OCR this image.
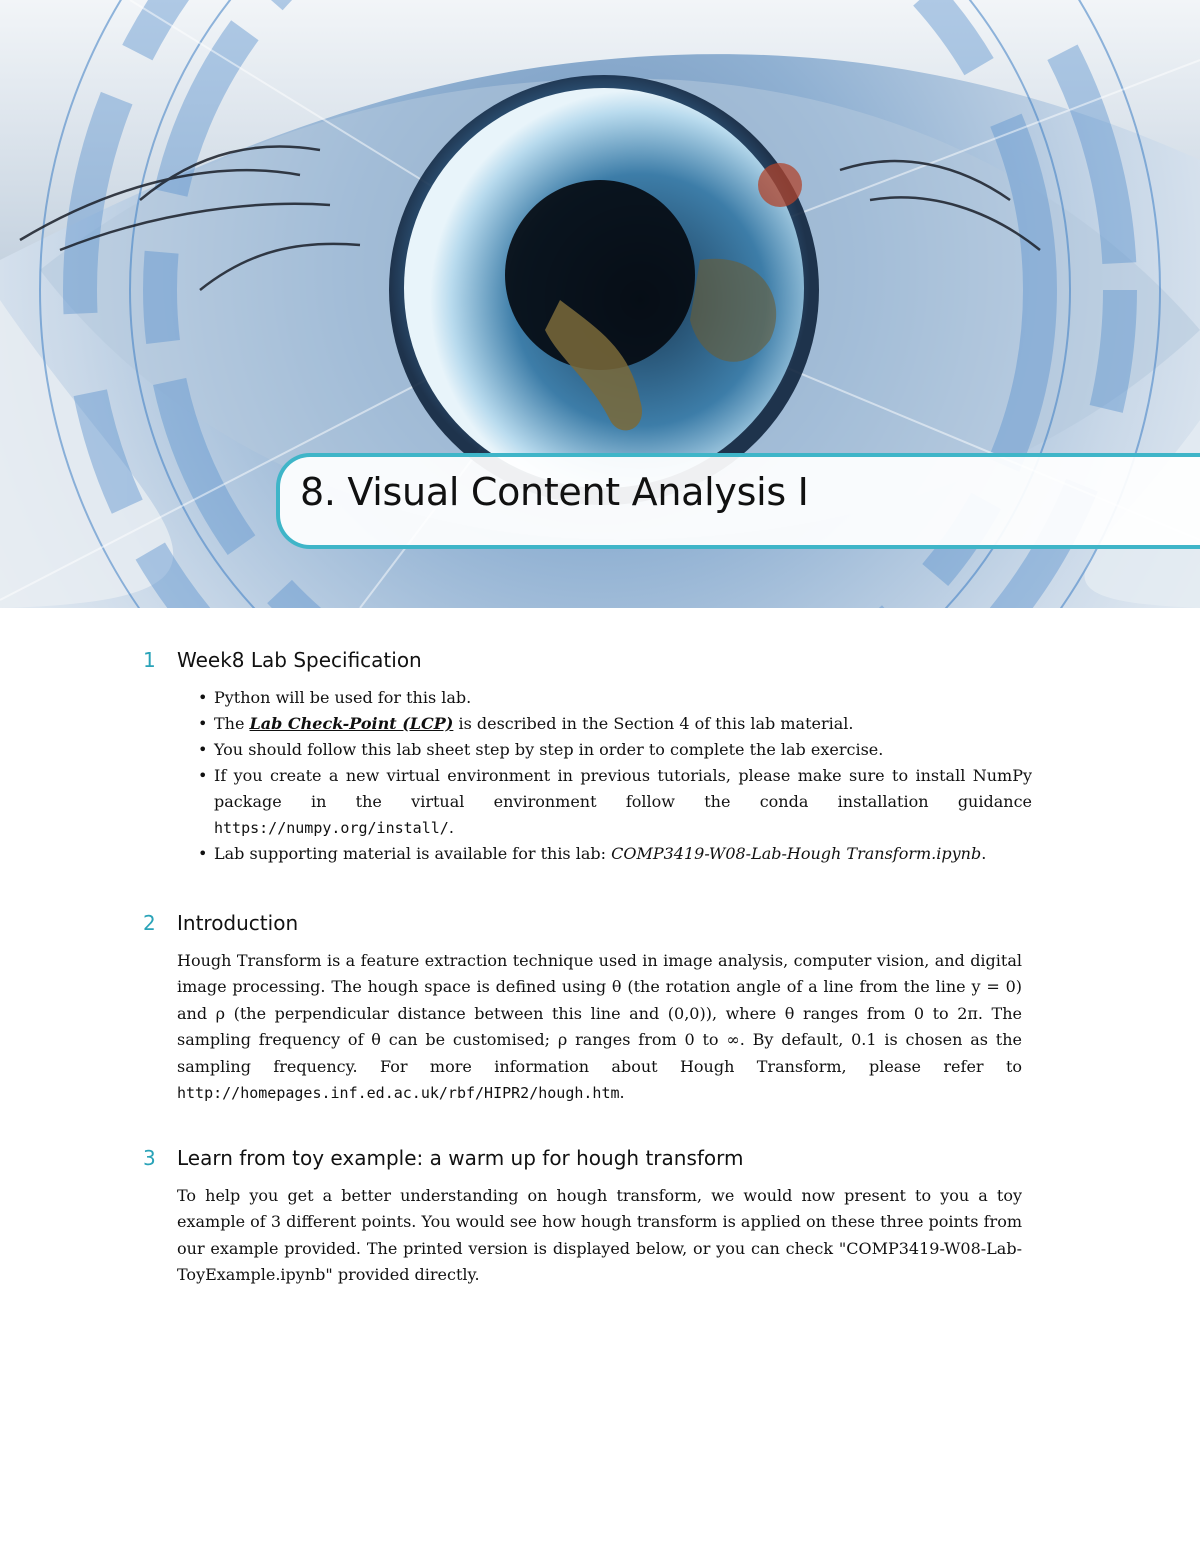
8. Visual Content Analysis I
1 Week8 Lab Specification
• Python will be used for this lab.
• The Lab Check-Point (LCP) is described in the Section 4 of this lab material.
• You should follow this lab sheet step by step in order to complete the lab exercise.
• If you create a new virtual environment in previous tutorials, please make sure to install NumPy package in the virtual environment follow the conda installation guidance https://numpy.org/install/.
• Lab supporting material is available for this lab: COMP3419-W08-Lab-Hough Transform.ipynb.
2 Introduction

Hough Transform is a feature extraction technique used in image analysis, computer vision, and digital image processing. The hough space is defined using θ (the rotation angle of a line from the line y = 0) and ρ (the perpendicular distance between this line and (0,0)), where θ ranges from 0 to 2π. The sampling frequency of θ can be customised; ρ ranges from 0 to ∞. By default, 0.1 is chosen as the sampling frequency. For more information about Hough Transform, please refer to http://homepages.inf.ed.ac.uk/rbf/HIPR2/hough.htm.

3 Learn from toy example: a warm up for hough transform

To help you get a better understanding on hough transform, we would now present to you a toy example of 3 different points. You would see how hough transform is applied on these three points from our example provided. The printed version is displayed below, or you can check "COMP3419-W08-Lab-ToyExample.ipynb" provided directly.
